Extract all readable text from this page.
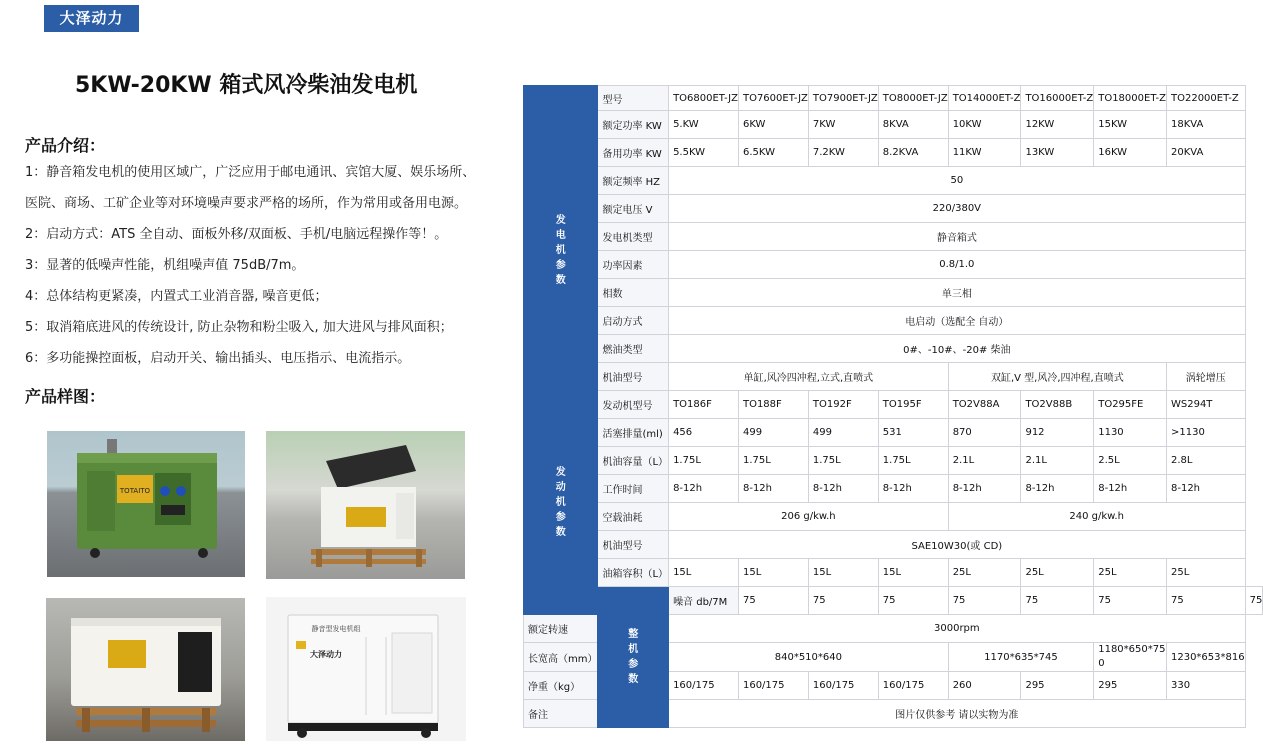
大泽动力
5KW-20KW 箱式风冷柴油发电机
产品介绍：
1：静音箱发电机的使用区域广，广泛应用于邮电通讯、宾馆大厦、娱乐场所、
医院、商场、工矿企业等对环境噪声要求严格的场所，作为常用或备用电源。
2：启动方式：ATS 全自动、面板外移/双面板、手机/电脑远程操作等！。
3：显著的低噪声性能，机组噪声值 75dB/7m。
4：总体结构更紧凑，内置式工业消音器, 噪音更低；
5：取消箱底进风的传统设计, 防止杂物和粉尘吸入, 加大进风与排风面积；
6：多功能操控面板，启动开关、输出插头、电压指示、电流指示。
产品样图：
TOTAITO
静音型发电机组
大泽动力
	型号	TO6800ET-JZ	TO7600ET-JZ	TO7900ET-JZ	TO8000ET-JZ	TO14000ET-Z	TO16000ET-Z	TO18000ET-Z	TO22000ET-Z	
发电机参数	额定功率 KW	5.KW	6KW	7KW	8KVA	10KW	12KW	15KW	18KVA	
	备用功率 KW	5.5KW	6.5KW	7.2KW	8.2KVA	11KW	13KW	16KW	20KVA	
	额定频率 HZ	50								
	额定电压 V	220/380V								
	发电机类型	静音箱式								
	功率因素	0.8/1.0								
	相数	单三相								
	启动方式	电启动（选配全 自动）								
	燃油类型	0#、-10#、-20# 柴油								
	机油型号	单缸,风冷四冲程,立式,直喷式				双缸,V 型,风冷,四冲程,直喷式			涡轮增压	
发动机参数	发动机型号	TO186F	TO188F	TO192F	TO195F	TO2V88A	TO2V88B	TO295FE	WS294T	
	活塞排量(ml)	456	499	499	531	870	912	1130	>1130	
	机油容量（L）	1.75L	1.75L	1.75L	1.75L	2.1L	2.1L	2.5L	2.8L	
	工作时间	8-12h	8-12h	8-12h	8-12h	8-12h	8-12h	8-12h	8-12h	
	空载油耗	206 g/kw.h				240 g/kw.h				
	机油型号	SAE10W30(或 CD)								
	油箱容积（L）	15L	15L	15L	15L	25L	25L	25L	25L	
	整机参数	噪音 db/7M	75	75	75	75	75	75	75	75
额定转速		3000rpm								
长宽高（mm）		840*510*640				1170*635*745		1180*650*750	1230*653*816	
净重（kg）		160/175	160/175	160/175	160/175	260	295	295	330	
备注		图片仅供参考 请以实物为准								
